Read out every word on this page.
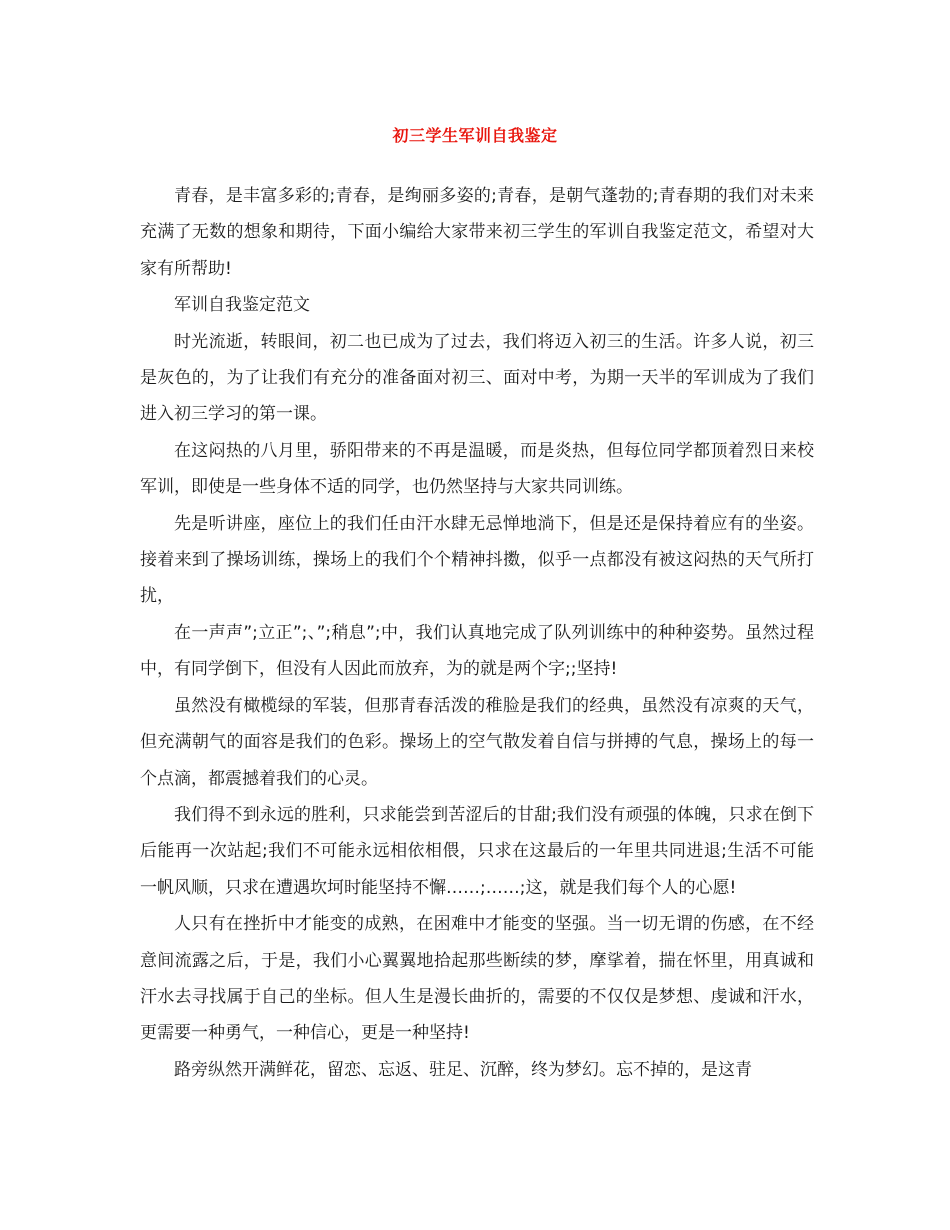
初三学生军训自我鉴定

青春，是丰富多彩的;青春，是绚丽多姿的;青春，是朝气蓬勃的;青春期的我们对未来充满了无数的想象和期待，下面小编给大家带来初三学生的军训自我鉴定范文，希望对大家有所帮助!

军训自我鉴定范文

时光流逝，转眼间，初二也已成为了过去，我们将迈入初三的生活。许多人说，初三是灰色的，为了让我们有充分的准备面对初三、面对中考，为期一天半的军训成为了我们进入初三学习的第一课。

在这闷热的八月里，骄阳带来的不再是温暖，而是炎热，但每位同学都顶着烈日来校军训，即使是一些身体不适的同学，也仍然坚持与大家共同训练。

先是听讲座，座位上的我们任由汗水肆无忌惮地淌下，但是还是保持着应有的坐姿。接着来到了操场训练，操场上的我们个个精神抖擞，似乎一点都没有被这闷热的天气所打扰，

在一声声”;立正”;、”;稍息”;中，我们认真地完成了队列训练中的种种姿势。虽然过程中，有同学倒下，但没有人因此而放弃，为的就是两个字;;坚持!

虽然没有橄榄绿的军装，但那青春活泼的稚脸是我们的经典，虽然没有凉爽的天气，但充满朝气的面容是我们的色彩。操场上的空气散发着自信与拼搏的气息，操场上的每一个点滴，都震撼着我们的心灵。

我们得不到永远的胜利，只求能尝到苦涩后的甘甜;我们没有顽强的体魄，只求在倒下后能再一次站起;我们不可能永远相依相偎，只求在这最后的一年里共同进退;生活不可能一帆风顺，只求在遭遇坎坷时能坚持不懈……;……;这，就是我们每个人的心愿!

人只有在挫折中才能变的成熟，在困难中才能变的坚强。当一切无谓的伤感，在不经意间流露之后，于是，我们小心翼翼地拾起那些断续的梦，摩挲着，揣在怀里，用真诚和汗水去寻找属于自己的坐标。但人生是漫长曲折的，需要的不仅仅是梦想、虔诚和汗水，更需要一种勇气，一种信心，更是一种坚持!

路旁纵然开满鲜花，留恋、忘返、驻足、沉醉，终为梦幻。忘不掉的，是这青
